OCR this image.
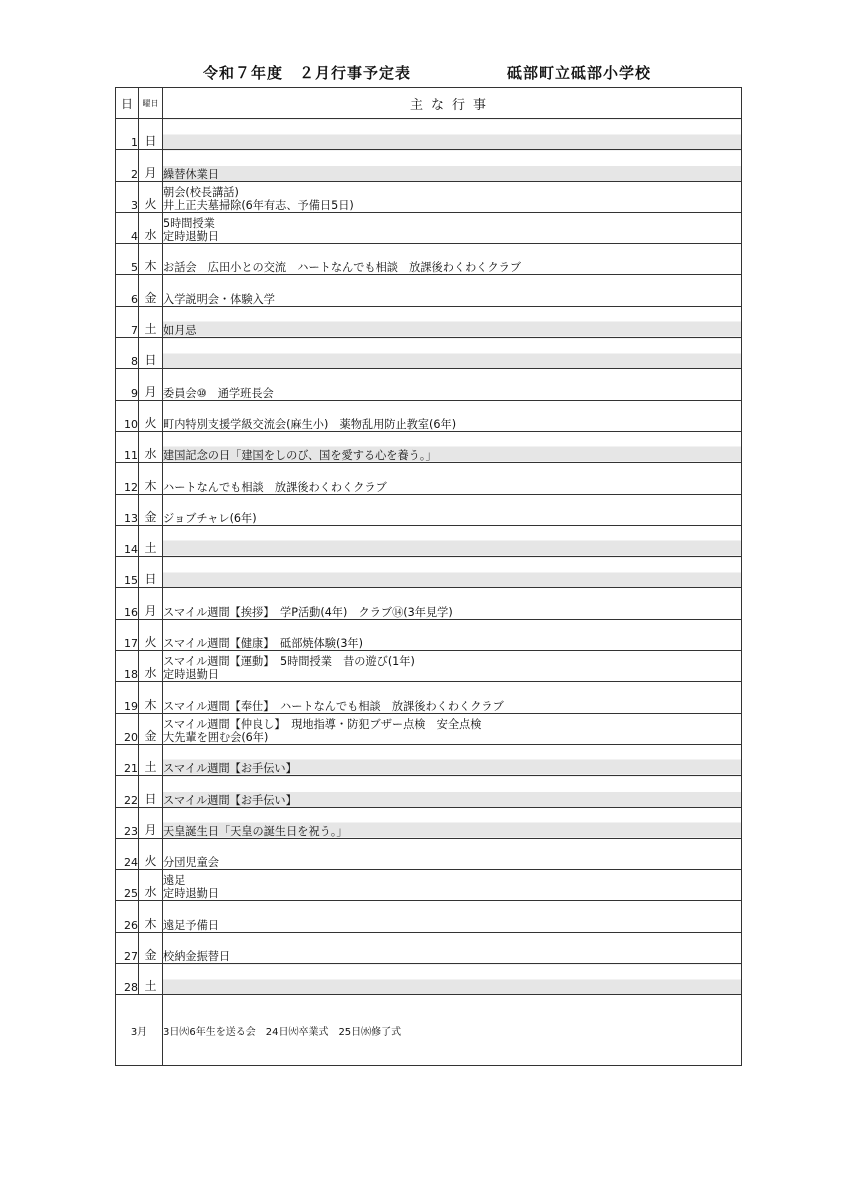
令和７年度　２月行事予定表	砥部町立砥部小学校
日	曜日	主な行事
1	日	
2	月	繰替休業日
3	火	朝会(校長講話)
井上正夫墓掃除(6年有志、予備日5日)
4	水	5時間授業
定時退勤日
5	木	お話会　広田小との交流　ハートなんでも相談　放課後わくわくクラブ
6	金	入学説明会・体験入学
7	土	如月忌
8	日	
9	月	委員会⑩　通学班長会
10	火	町内特別支援学級交流会(麻生小)　薬物乱用防止教室(6年)
11	水	建国記念の日「建国をしのび、国を愛する心を養う。」
12	木	ハートなんでも相談　放課後わくわくクラブ
13	金	ジョブチャレ(6年)
14	土	
15	日	
16	月	スマイル週間【挨拶】　学P活動(4年)　クラブ⑭(3年見学)
17	火	スマイル週間【健康】　砥部焼体験(3年)
18	水	スマイル週間【運動】　5時間授業　昔の遊び(1年)
定時退勤日
19	木	スマイル週間【奉仕】　ハートなんでも相談　放課後わくわくクラブ
20	金	スマイル週間【仲良し】　現地指導・防犯ブザー点検　安全点検
大先輩を囲む会(6年)
21	土	スマイル週間【お手伝い】
22	日	スマイル週間【お手伝い】
23	月	天皇誕生日「天皇の誕生日を祝う。」
24	火	分団児童会
25	水	遠足
定時退勤日
26	木	遠足予備日
27	金	校納金振替日
28	土	
3月		3日㈫6年生を送る会　24日㈫卒業式　25日㈬修了式
